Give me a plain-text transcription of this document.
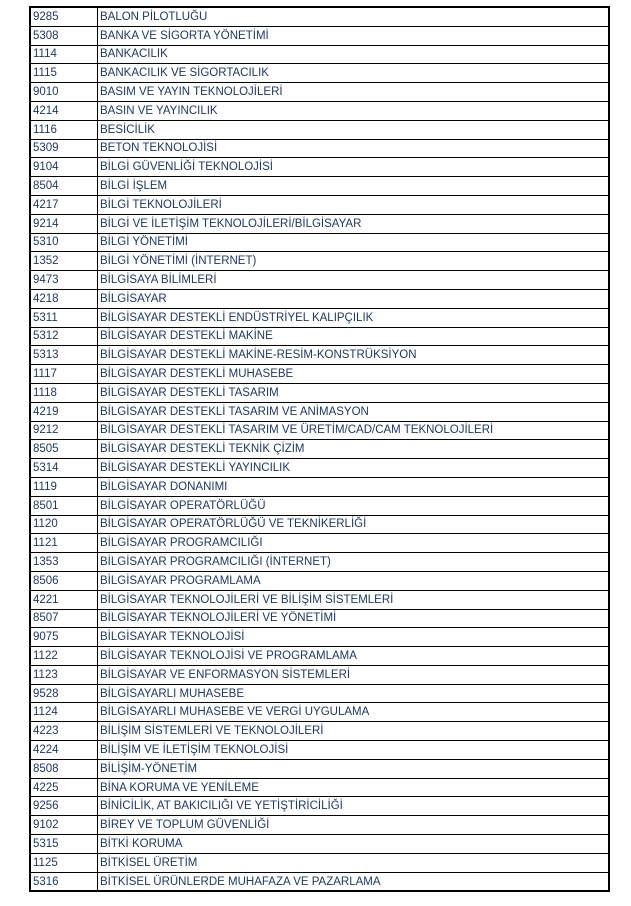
9285	BALON PİLOTLUĞU
5308	BANKA VE SİGORTA YÖNETİMİ
1114	BANKACILIK
1115	BANKACILIK VE SİGORTACILIK
9010	BASIM VE YAYIN TEKNOLOJİLERİ
4214	BASIN VE YAYINCILIK
1116	BESİCİLİK
5309	BETON TEKNOLOJİSİ
9104	BİLGİ GÜVENLİĞİ TEKNOLOJİSİ
8504	BİLGİ İŞLEM
4217	BİLGİ TEKNOLOJİLERİ
9214	BİLGİ VE İLETİŞİM TEKNOLOJİLERİ/BİLGİSAYAR
5310	BİLGİ YÖNETİMİ
1352	BİLGİ YÖNETİMİ (İNTERNET)
9473	BİLGİSAYA BİLİMLERİ
4218	BİLGİSAYAR
5311	BİLGİSAYAR DESTEKLİ ENDÜSTRİYEL KALIPÇILIK
5312	BİLGİSAYAR DESTEKLİ MAKİNE
5313	BİLGİSAYAR DESTEKLİ MAKİNE-RESİM-KONSTRÜKSİYON
1117	BİLGİSAYAR DESTEKLİ MUHASEBE
1118	BİLGİSAYAR DESTEKLİ TASARIM
4219	BİLGİSAYAR DESTEKLİ TASARIM VE ANİMASYON
9212	BİLGİSAYAR DESTEKLİ TASARIM VE ÜRETİM/CAD/CAM TEKNOLOJİLERİ
8505	BİLGİSAYAR DESTEKLİ TEKNİK ÇİZİM
5314	BİLGİSAYAR DESTEKLİ YAYINCILIK
1119	BİLGİSAYAR DONANIMI
8501	BİLGİSAYAR OPERATÖRLÜĞÜ
1120	BİLGİSAYAR OPERATÖRLÜĞÜ VE TEKNİKERLİĞİ
1121	BİLGİSAYAR PROGRAMCILIĞI
1353	BİLGİSAYAR PROGRAMCILIĞI (İNTERNET)
8506	BİLGİSAYAR PROGRAMLAMA
4221	BİLGİSAYAR TEKNOLOJİLERİ VE BİLİŞİM SİSTEMLERİ
8507	BİLGİSAYAR TEKNOLOJİLERİ VE YÖNETİMİ
9075	BİLGİSAYAR TEKNOLOJİSİ
1122	BİLGİSAYAR TEKNOLOJİSİ VE PROGRAMLAMA
1123	BİLGİSAYAR VE ENFORMASYON SİSTEMLERİ
9528	BİLGİSAYARLI MUHASEBE
1124	BİLGİSAYARLI MUHASEBE VE VERGİ UYGULAMA
4223	BİLİŞİM SİSTEMLERİ VE TEKNOLOJİLERİ
4224	BİLİŞİM VE İLETİŞİM TEKNOLOJİSİ
8508	BİLİŞİM-YÖNETİM
4225	BİNA KORUMA VE YENİLEME
9256	BİNİCİLİK, AT BAKICILIĞI VE YETİŞTİRİCİLİĞİ
9102	BİREY VE TOPLUM GÜVENLİĞİ
5315	BİTKİ KORUMA
1125	BİTKİSEL ÜRETİM
5316	BİTKİSEL ÜRÜNLERDE MUHAFAZA VE PAZARLAMA
